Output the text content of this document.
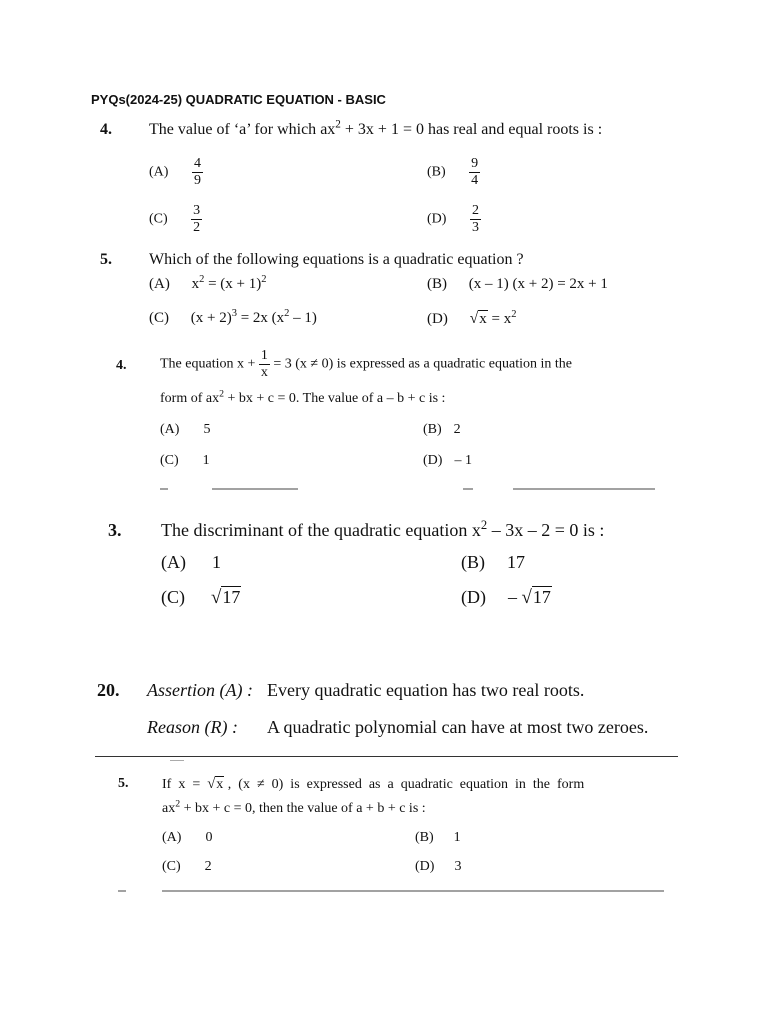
PYQs(2024-25) QUADRATIC EQUATION - BASIC
4. The value of ‘a’ for which $ax^2 + 3x + 1 = 0$ has real and equal roots is :
$(A) \frac{4}{9}$	$(B) \frac{9}{4}$
$(C) \frac{3}{2}$	$(D) \frac{2}{3}$
5. Which of the following equations is a quadratic equation ?
(A) $x^2 = (x + 1)^2$	(B) (x – 1) (x + 2) = 2x + 1
(C) $(x + 2)^3 = 2x$ $(x^2 - 1)$	(D) $√x = x^2$
4. The equation $x + \frac{1}{x} = 3$ (x ≠ 0) is expressed as a quadratic equation in the
form of $ax^2$ + bx + c = 0. The value of a – b + c is :
(A) 5	(B) 2
(C) 1	(D) – 1
3. The discriminant of the quadratic equation $x^2 - 3x - 2 = 0$ is :
(A) 1	(B) 17
(C) √17	(D) – √17
20. Assertion (A) : Every quadratic equation has two real roots.
Reason (R) : A quadratic polynomial can have at most two zeroes.
5. If  x  =  √x ,  (x  ≠  0)  is  expressed  as  a  quadratic  equation  in  the  form
$ax^2$ + bx + c = 0, then the value of a + b + c is :
(A) 0	(B) 1
(C) 2	(D) 3
